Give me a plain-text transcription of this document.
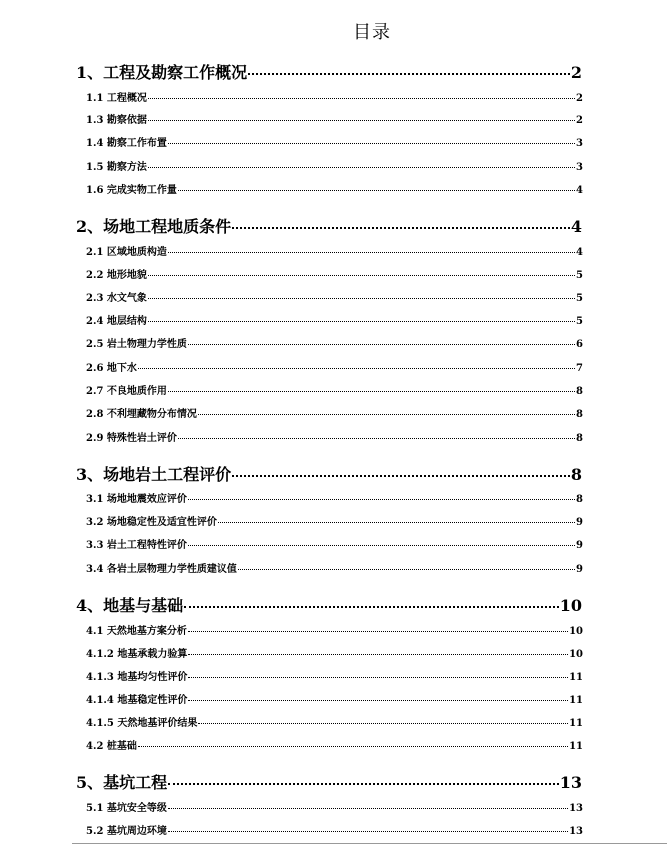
目录
1、工程及勘察工作概况	2
1.1 工程概况	2
1.3 勘察依据	2
1.4 勘察工作布置	3
1.5 勘察方法	3
1.6 完成实物工作量	4
2、场地工程地质条件	4
2.1 区域地质构造	4
2.2 地形地貌	5
2.3 水文气象	5
2.4 地层结构	5
2.5 岩土物理力学性质	6
2.6 地下水	7
2.7 不良地质作用	8
2.8 不利埋藏物分布情况	8
2.9 特殊性岩土评价	8
3、场地岩土工程评价	8
3.1 场地地震效应评价	8
3.2 场地稳定性及适宜性评价	9
3.3 岩土工程特性评价	9
3.4 各岩土层物理力学性质建议值	9
4、地基与基础	10
4.1 天然地基方案分析	10
4.1.2 地基承载力验算	10
4.1.3 地基均匀性评价	11
4.1.4 地基稳定性评价	11
4.1.5 天然地基评价结果	11
4.2 桩基础	11
5、基坑工程	13
5.1 基坑安全等级	13
5.2 基坑周边环境	13
